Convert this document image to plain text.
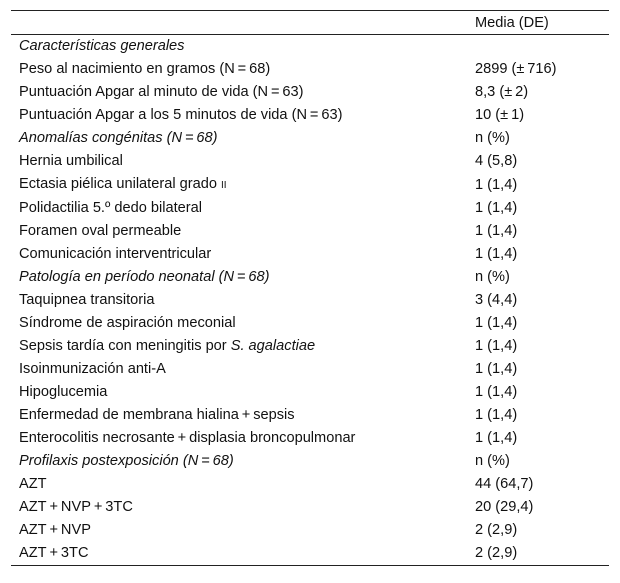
	Media (DE)
Características generales	
Peso al nacimiento en gramos (N = 68)	2899 (± 716)
Puntuación Apgar al minuto de vida (N = 63)	8,3 (± 2)
Puntuación Apgar a los 5 minutos de vida (N = 63)	10 (± 1)
Anomalías congénitas (N = 68)	n (%)
Hernia umbilical	4 (5,8)
Ectasia piélica unilateral grado II	1 (1,4)
Polidactilia 5.º dedo bilateral	1 (1,4)
Foramen oval permeable	1 (1,4)
Comunicación interventricular	1 (1,4)
Patología en período neonatal (N = 68)	n (%)
Taquipnea transitoria	3 (4,4)
Síndrome de aspiración meconial	1 (1,4)
Sepsis tardía con meningitis por S. agalactiae	1 (1,4)
Isoinmunización anti-A	1 (1,4)
Hipoglucemia	1 (1,4)
Enfermedad de membrana hialina + sepsis	1 (1,4)
Enterocolitis necrosante + displasia broncopulmonar	1 (1,4)
Profilaxis postexposición (N = 68)	n (%)
AZT	44 (64,7)
AZT + NVP + 3TC	20 (29,4)
AZT + NVP	2 (2,9)
AZT + 3TC	2 (2,9)
